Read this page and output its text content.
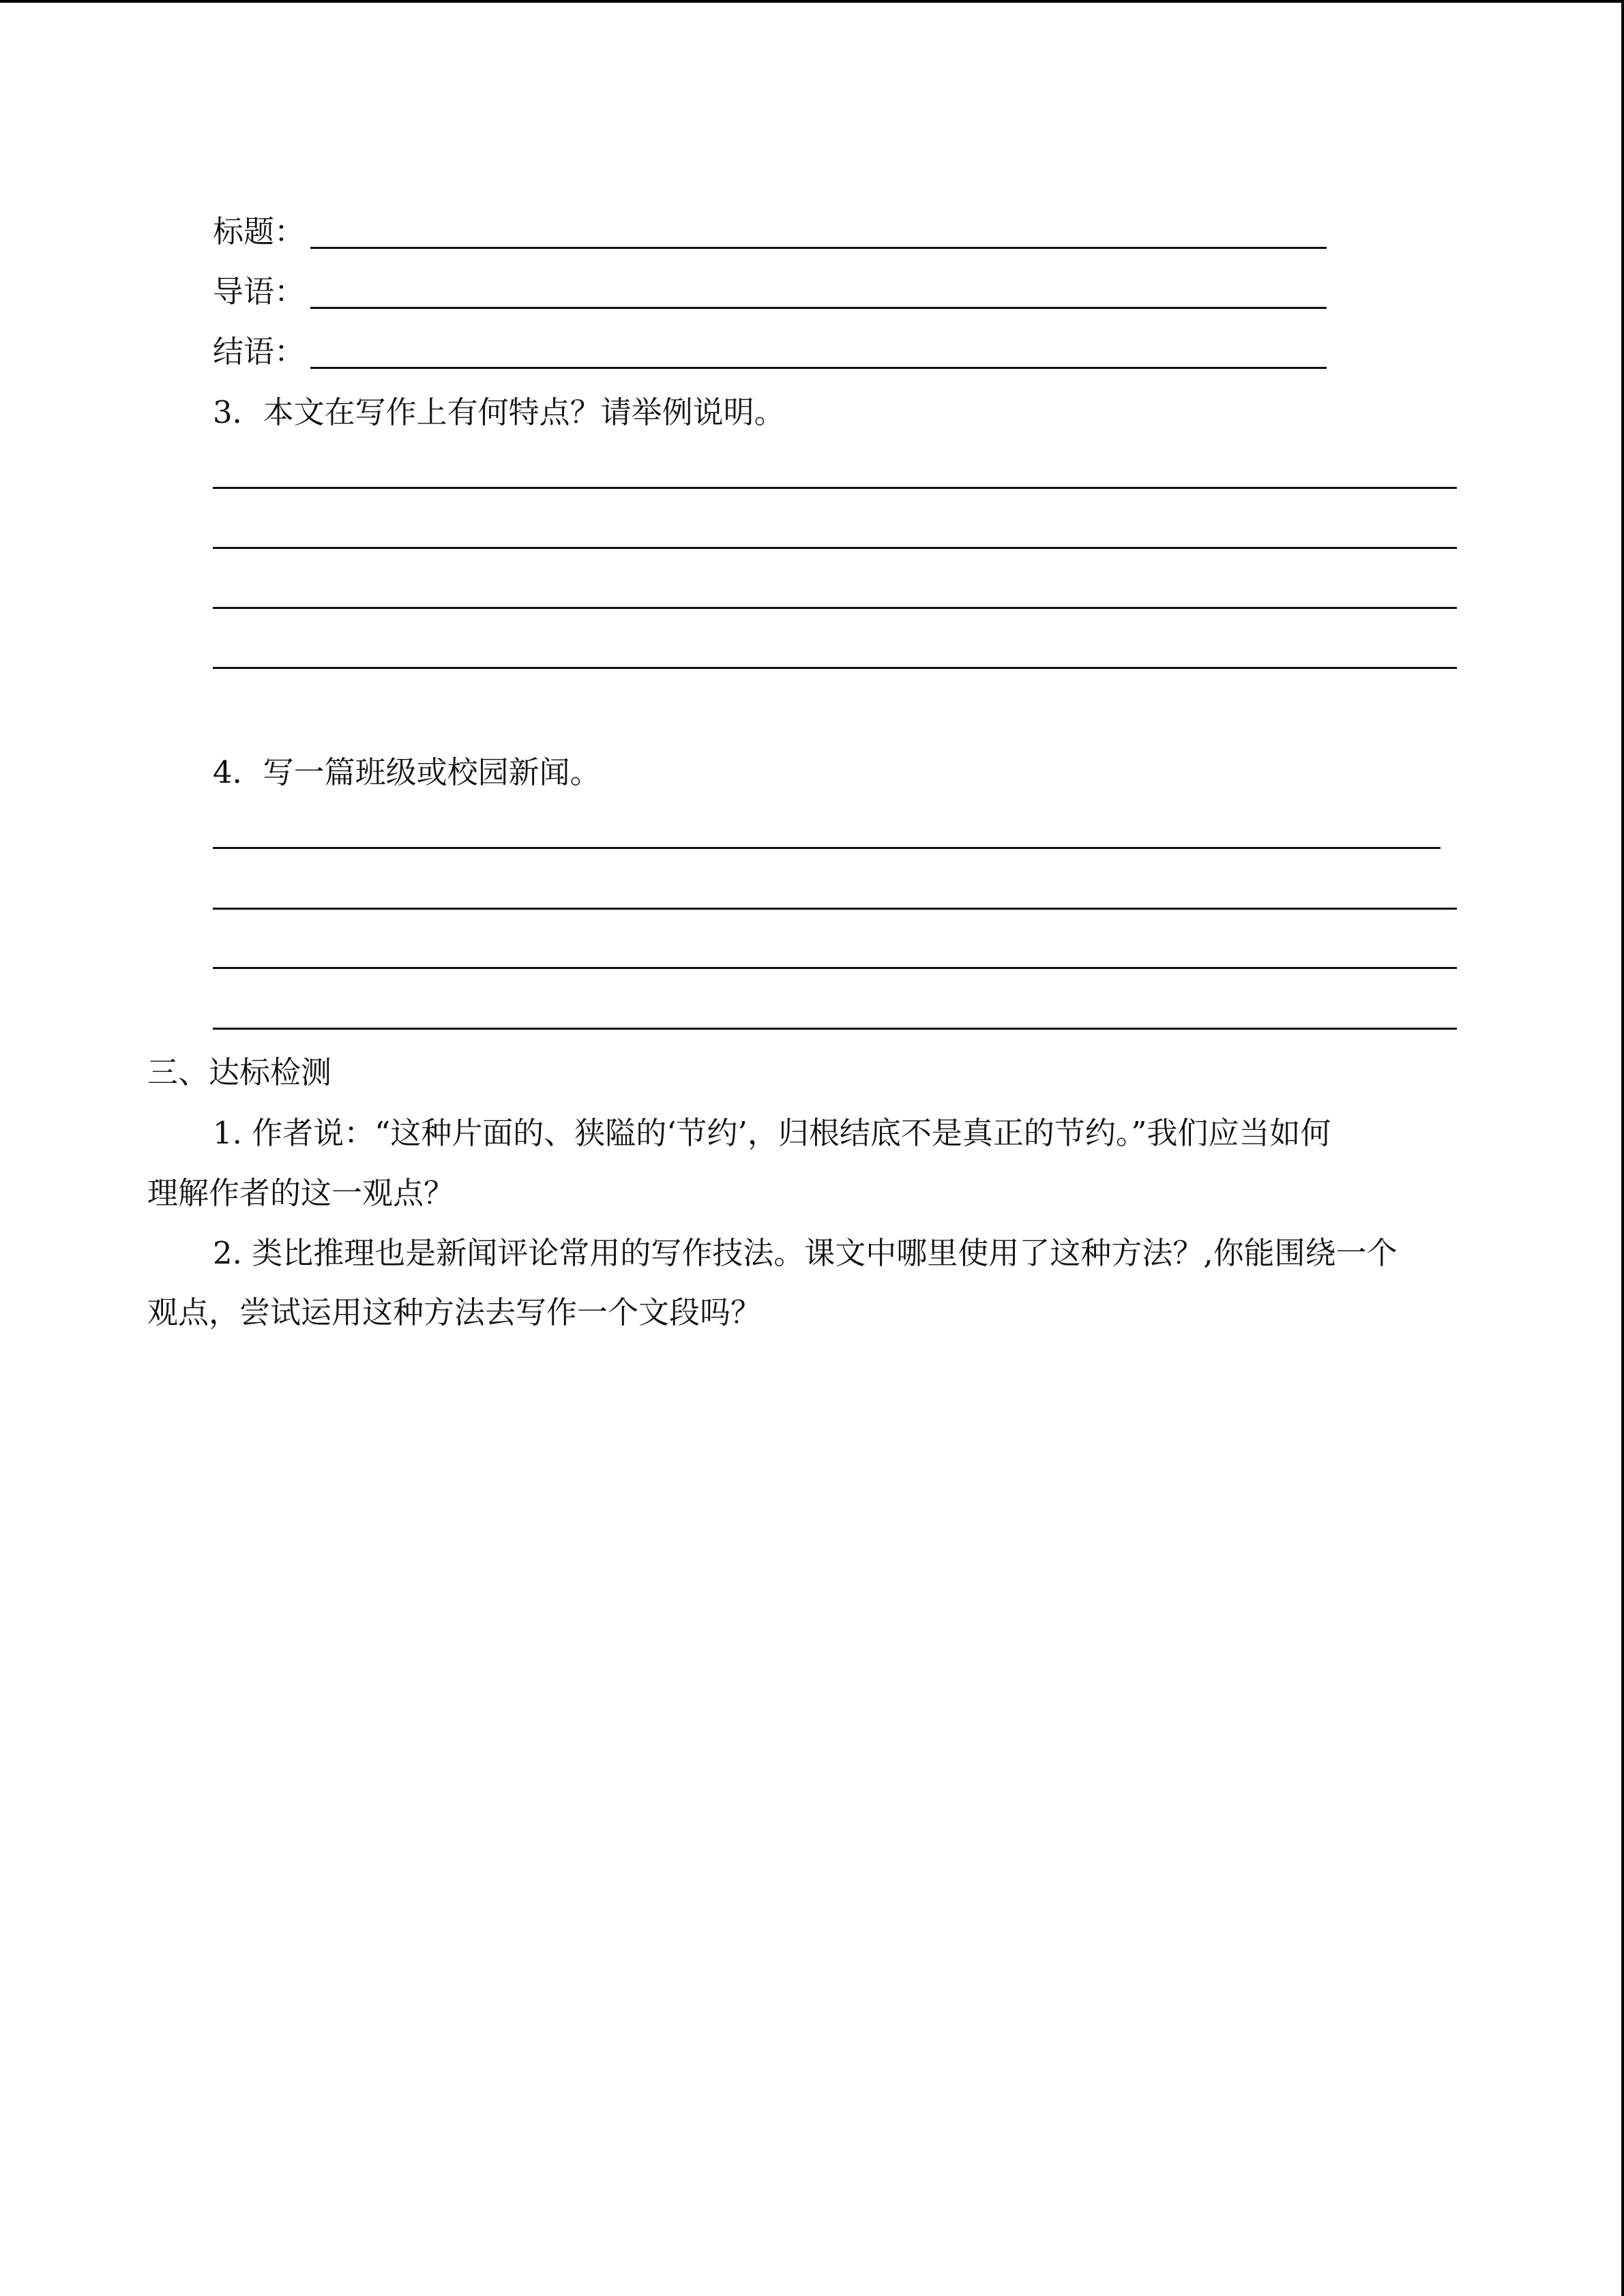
标题：
导语：
结语：
3．本文在写作上有何特点？请举例说明。
4．写一篇班级或校园新闻。
三、达标检测
1. 作者说：“这种片面的、狭隘的‘节约’，归根结底不是真正的节约。”我们应当如何
理解作者的这一观点？
2. 类比推理也是新闻评论常用的写作技法。课文中哪里使用了这种方法？,你能围绕一个
观点，尝试运用这种方法去写作一个文段吗？
